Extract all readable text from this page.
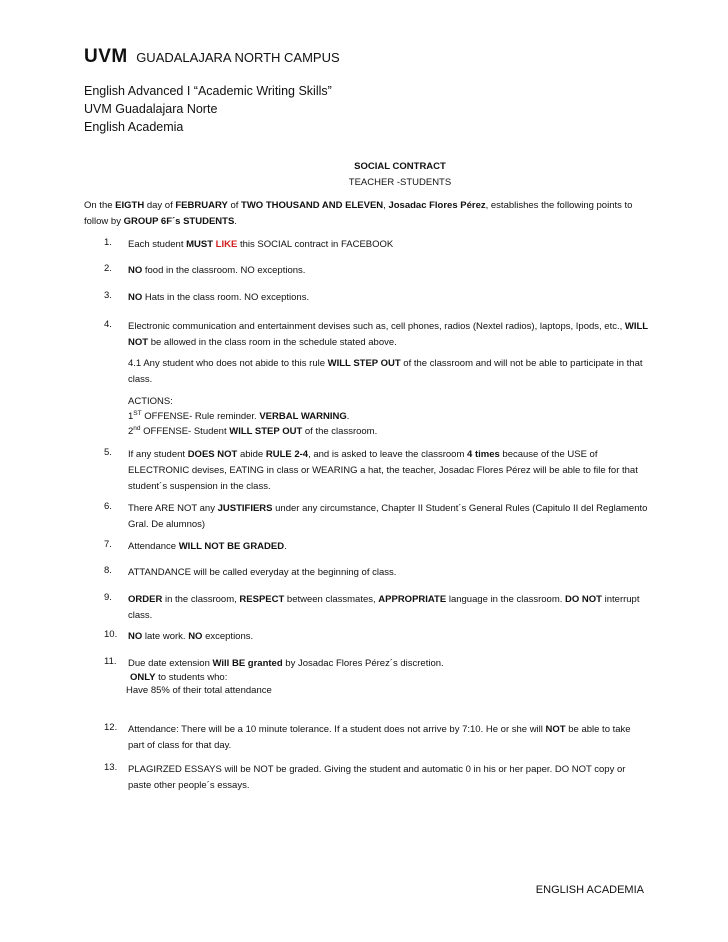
UVM GUADALAJARA NORTH CAMPUS
English Advanced I “Academic Writing Skills”
UVM Guadalajara Norte
English Academia
SOCIAL CONTRACT
TEACHER -STUDENTS
On the EIGTH day of FEBRUARY of TWO THOUSAND AND ELEVEN, Josadac Flores Pérez, establishes the following points to follow by GROUP 6F´s STUDENTS.
1.	Each student MUST LIKE this SOCIAL contract in FACEBOOK
2.	NO food in the classroom. NO exceptions.
3.	NO Hats in the class room. NO exceptions.
4.	Electronic communication and entertainment devises such as, cell phones, radios (Nextel radios), laptops, Ipods, etc., WILL NOT be allowed in the class room in the schedule stated above.
4.1 Any student who does not abide to this rule WILL STEP OUT of the classroom and will not be able to participate in that class.
ACTIONS:
1ST OFFENSE- Rule reminder. VERBAL WARNING.
2nd OFFENSE- Student WILL STEP OUT of the classroom.
5.	If any student DOES NOT abide RULE 2-4, and is asked to leave the classroom 4 times because of the USE of ELECTRONIC devises, EATING in class or WEARING a hat, the teacher, Josadac Flores Pérez will be able to file for that student´s suspension in the class.
6.	There ARE NOT any JUSTIFIERS under any circumstance, Chapter II Student´s General Rules (Capitulo II del Reglamento Gral. De alumnos)
7.	Attendance WILL NOT BE GRADED.
8.	ATTANDANCE will be called everyday at the beginning of class.
9.	ORDER in the classroom, RESPECT between classmates, APPROPRIATE language in the classroom. DO NOT interrupt class.
10.	NO late work. NO exceptions.
11.	Due date extension Will BE granted by Josadac Flores Pérez´s discretion.
ONLY to students who:
Have 85% of their total attendance
12.	Attendance: There will be a 10 minute tolerance. If a student does not arrive by 7:10. He or she will NOT be able to take part of class for that day.
13.	PLAGIRZED ESSAYS will be NOT be graded. Giving the student and automatic 0 in his or her paper. DO NOT copy or paste other people´s essays.
ENGLISH ACADEMIA
